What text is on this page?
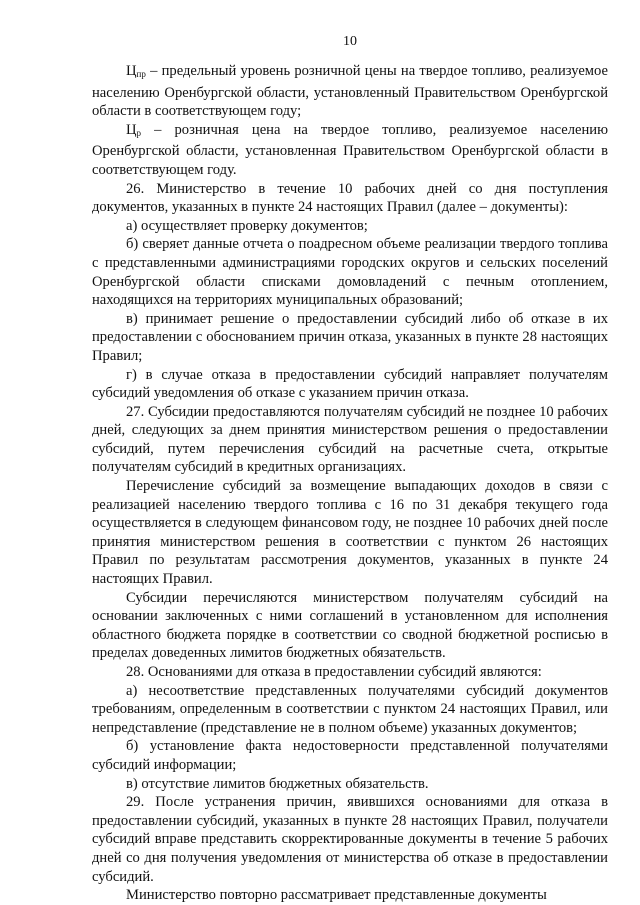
10

$Ц_{пр}$ – предельный уровень розничной цены на твердое топливо, реализуемое населению Оренбургской области, установленный Правительством Оренбургской области в соответствующем году;

$Ц_р$ – розничная цена на твердое топливо, реализуемое населению Оренбургской области, установленная Правительством Оренбургской области в соответствующем году.

26. Министерство в течение 10 рабочих дней со дня поступления документов, указанных в пункте 24 настоящих Правил (далее – документы):

а) осуществляет проверку документов;

б) сверяет данные отчета о поадресном объеме реализации твердого топлива с представленными администрациями городских округов и сельских поселений Оренбургской области списками домовладений с печным отоплением, находящихся на территориях муниципальных образований;

в) принимает решение о предоставлении субсидий либо об отказе в их предоставлении с обоснованием причин отказа, указанных в пункте 28 настоящих Правил;

г) в случае отказа в предоставлении субсидий направляет получателям субсидий уведомления об отказе с указанием причин отказа.

27. Субсидии предоставляются получателям субсидий не позднее 10 рабочих дней, следующих за днем принятия министерством решения о предоставлении субсидий, путем перечисления субсидий на расчетные счета, открытые получателям субсидий в кредитных организациях.

Перечисление субсидий за возмещение выпадающих доходов в связи с реализацией населению твердого топлива с 16 по 31 декабря текущего года осуществляется в следующем финансовом году, не позднее 10 рабочих дней после принятия министерством решения в соответствии с пунктом 26 настоящих Правил по результатам рассмотрения документов, указанных в пункте 24 настоящих Правил.

Субсидии перечисляются министерством получателям субсидий на основании заключенных с ними соглашений в установленном для исполнения областного бюджета порядке в соответствии со сводной бюджетной росписью в пределах доведенных лимитов бюджетных обязательств.

28. Основаниями для отказа в предоставлении субсидий являются:

а) несоответствие представленных получателями субсидий документов требованиям, определенным в соответствии с пунктом 24 настоящих Правил, или непредставление (представление не в полном объеме) указанных документов;

б) установление факта недостоверности представленной получателями субсидий информации;

в) отсутствие лимитов бюджетных обязательств.

29. После устранения причин, явившихся основаниями для отказа в предоставлении субсидий, указанных в пункте 28 настоящих Правил, получатели субсидий вправе представить скорректированные документы в течение 5 рабочих дней со дня получения уведомления от министерства об отказе в предоставлении субсидий.

Министерство повторно рассматривает представленные документы
